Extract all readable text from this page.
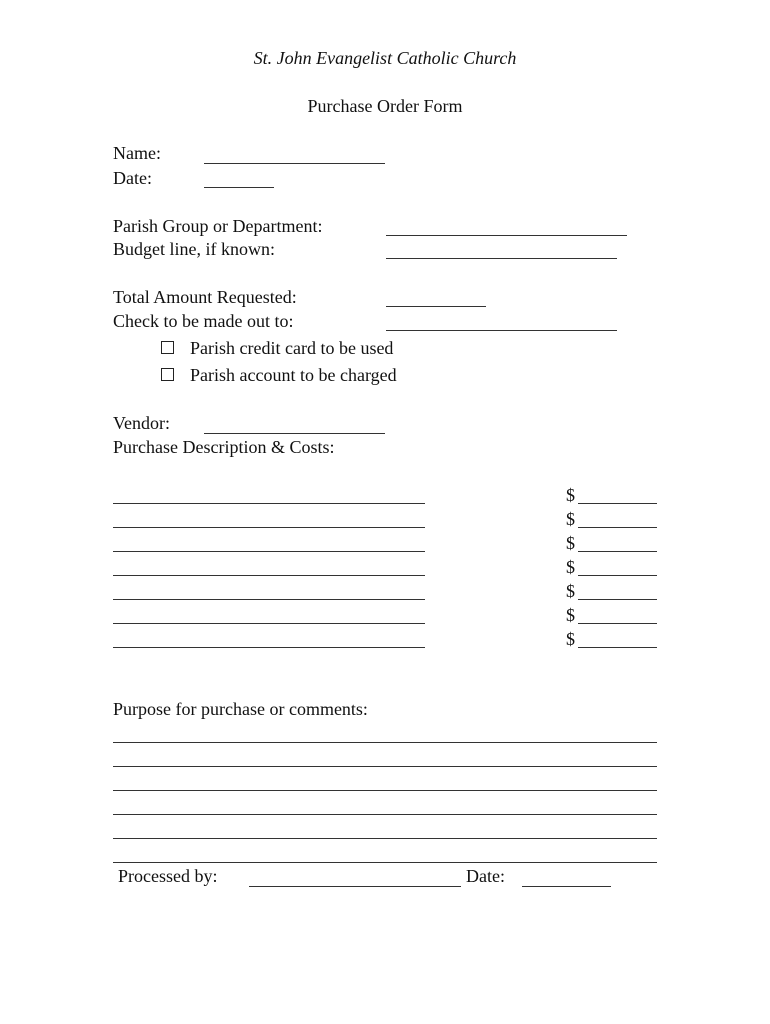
St. John Evangelist Catholic Church
Purchase Order Form
Name:
Date:
Parish Group or Department:
Budget line, if known:
Total Amount Requested:
Check to be made out to:
Parish credit card to be used
Parish account to be charged
Vendor:
Purchase Description & Costs:
$
$
$
$
$
$
$
Purpose for purchase or comments:
Processed by:	Date:
